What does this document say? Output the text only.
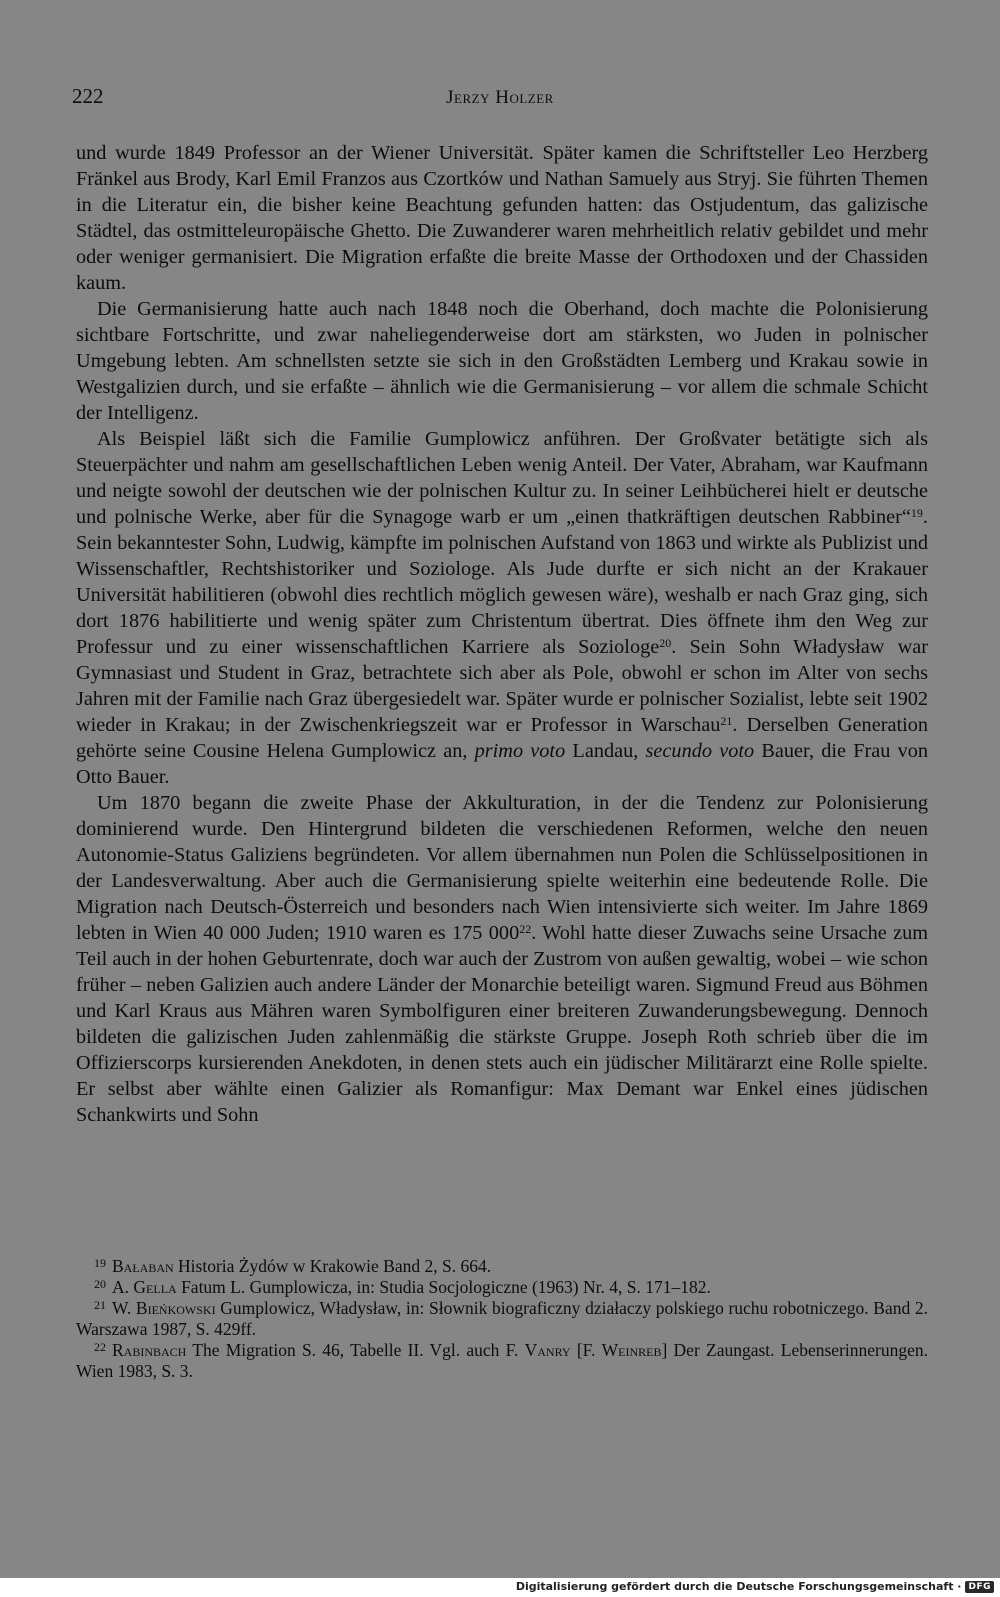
222	Jerzy Holzer

und wurde 1849 Professor an der Wiener Universität. Später kamen die Schriftsteller Leo Herzberg Fränkel aus Brody, Karl Emil Franzos aus Czortków und Nathan Samuely aus Stryj. Sie führten Themen in die Literatur ein, die bisher keine Beachtung gefunden hatten: das Ostjudentum, das galizische Städtel, das ostmitteleuropäische Ghetto. Die Zuwanderer waren mehrheitlich relativ gebildet und mehr oder weniger germanisiert. Die Migration erfaßte die breite Masse der Orthodoxen und der Chassiden kaum.

Die Germanisierung hatte auch nach 1848 noch die Oberhand, doch machte die Polonisierung sichtbare Fortschritte, und zwar naheliegenderweise dort am stärksten, wo Juden in polnischer Umgebung lebten. Am schnellsten setzte sie sich in den Großstädten Lemberg und Krakau sowie in Westgalizien durch, und sie erfaßte – ähnlich wie die Germanisierung – vor allem die schmale Schicht der Intelligenz.

Als Beispiel läßt sich die Familie Gumplowicz anführen. Der Großvater betätigte sich als Steuerpächter und nahm am gesellschaftlichen Leben wenig Anteil. Der Vater, Abraham, war Kaufmann und neigte sowohl der deutschen wie der polnischen Kultur zu. In seiner Leihbücherei hielt er deutsche und polnische Werke, aber für die Synagoge warb er um „einen thatkräftigen deutschen Rabbiner“$^{19}$. Sein bekanntester Sohn, Ludwig, kämpfte im polnischen Aufstand von 1863 und wirkte als Publizist und Wissenschaftler, Rechtshistoriker und Soziologe. Als Jude durfte er sich nicht an der Krakauer Universität habilitieren (obwohl dies rechtlich möglich gewesen wäre), weshalb er nach Graz ging, sich dort 1876 habilitierte und wenig später zum Christentum übertrat. Dies öffnete ihm den Weg zur Professur und zu einer wissenschaftlichen Karriere als Soziologe$^{20}$. Sein Sohn Władysław war Gymnasiast und Student in Graz, betrachtete sich aber als Pole, obwohl er schon im Alter von sechs Jahren mit der Familie nach Graz übergesiedelt war. Später wurde er polnischer Sozialist, lebte seit 1902 wieder in Krakau; in der Zwischenkriegszeit war er Professor in Warschau$^{21}$. Derselben Generation gehörte seine Cousine Helena Gumplowicz an, primo voto Landau, secundo voto Bauer, die Frau von Otto Bauer.

Um 1870 begann die zweite Phase der Akkulturation, in der die Tendenz zur Polonisierung dominierend wurde. Den Hintergrund bildeten die verschiedenen Reformen, welche den neuen Autonomie-Status Galiziens begründeten. Vor allem übernahmen nun Polen die Schlüsselpositionen in der Landesverwaltung. Aber auch die Germanisierung spielte weiterhin eine bedeutende Rolle. Die Migration nach Deutsch-Österreich und besonders nach Wien intensivierte sich weiter. Im Jahre 1869 lebten in Wien 40 000 Juden; 1910 waren es 175 $000^{22}$. Wohl hatte dieser Zuwachs seine Ursache zum Teil auch in der hohen Geburtenrate, doch war auch der Zustrom von außen gewaltig, wobei – wie schon früher – neben Galizien auch andere Länder der Monarchie beteiligt waren. Sigmund Freud aus Böhmen und Karl Kraus aus Mähren waren Symbolfiguren einer breiteren Zuwanderungsbewegung. Dennoch bildeten die galizischen Juden zahlenmäßig die stärkste Gruppe. Joseph Roth schrieb über die im Offizierscorps kursierenden Anekdoten, in denen stets auch ein jüdischer Militärarzt eine Rolle spielte. Er selbst aber wählte einen Galizier als Romanfigur: Max Demant war Enkel eines jüdischen Schankwirts und Sohn

$^{19}$ Bałaban Historia Żydów w Krakowie Band 2, S. 664.

$^{20}$ A. Gella Fatum L. Gumplowicza, in: Studia Socjologiczne (1963) Nr. 4, S. 171–182.

$^{21}$ W. Bieńkowski Gumplowicz, Władysław, in: Słownik biograficzny działaczy polskiego ruchu robotniczego. Band 2. Warszawa 1987, S. 429ff.

$^{22}$ Rabinbach The Migration S. 46, Tabelle II. Vgl. auch F. Vanry [F. Weinreb] Der Zaungast. Lebenserinnerungen. Wien 1983, S. 3.

Digitalisierung gefördert durch die Deutsche Forschungsgemeinschaft · DFG
